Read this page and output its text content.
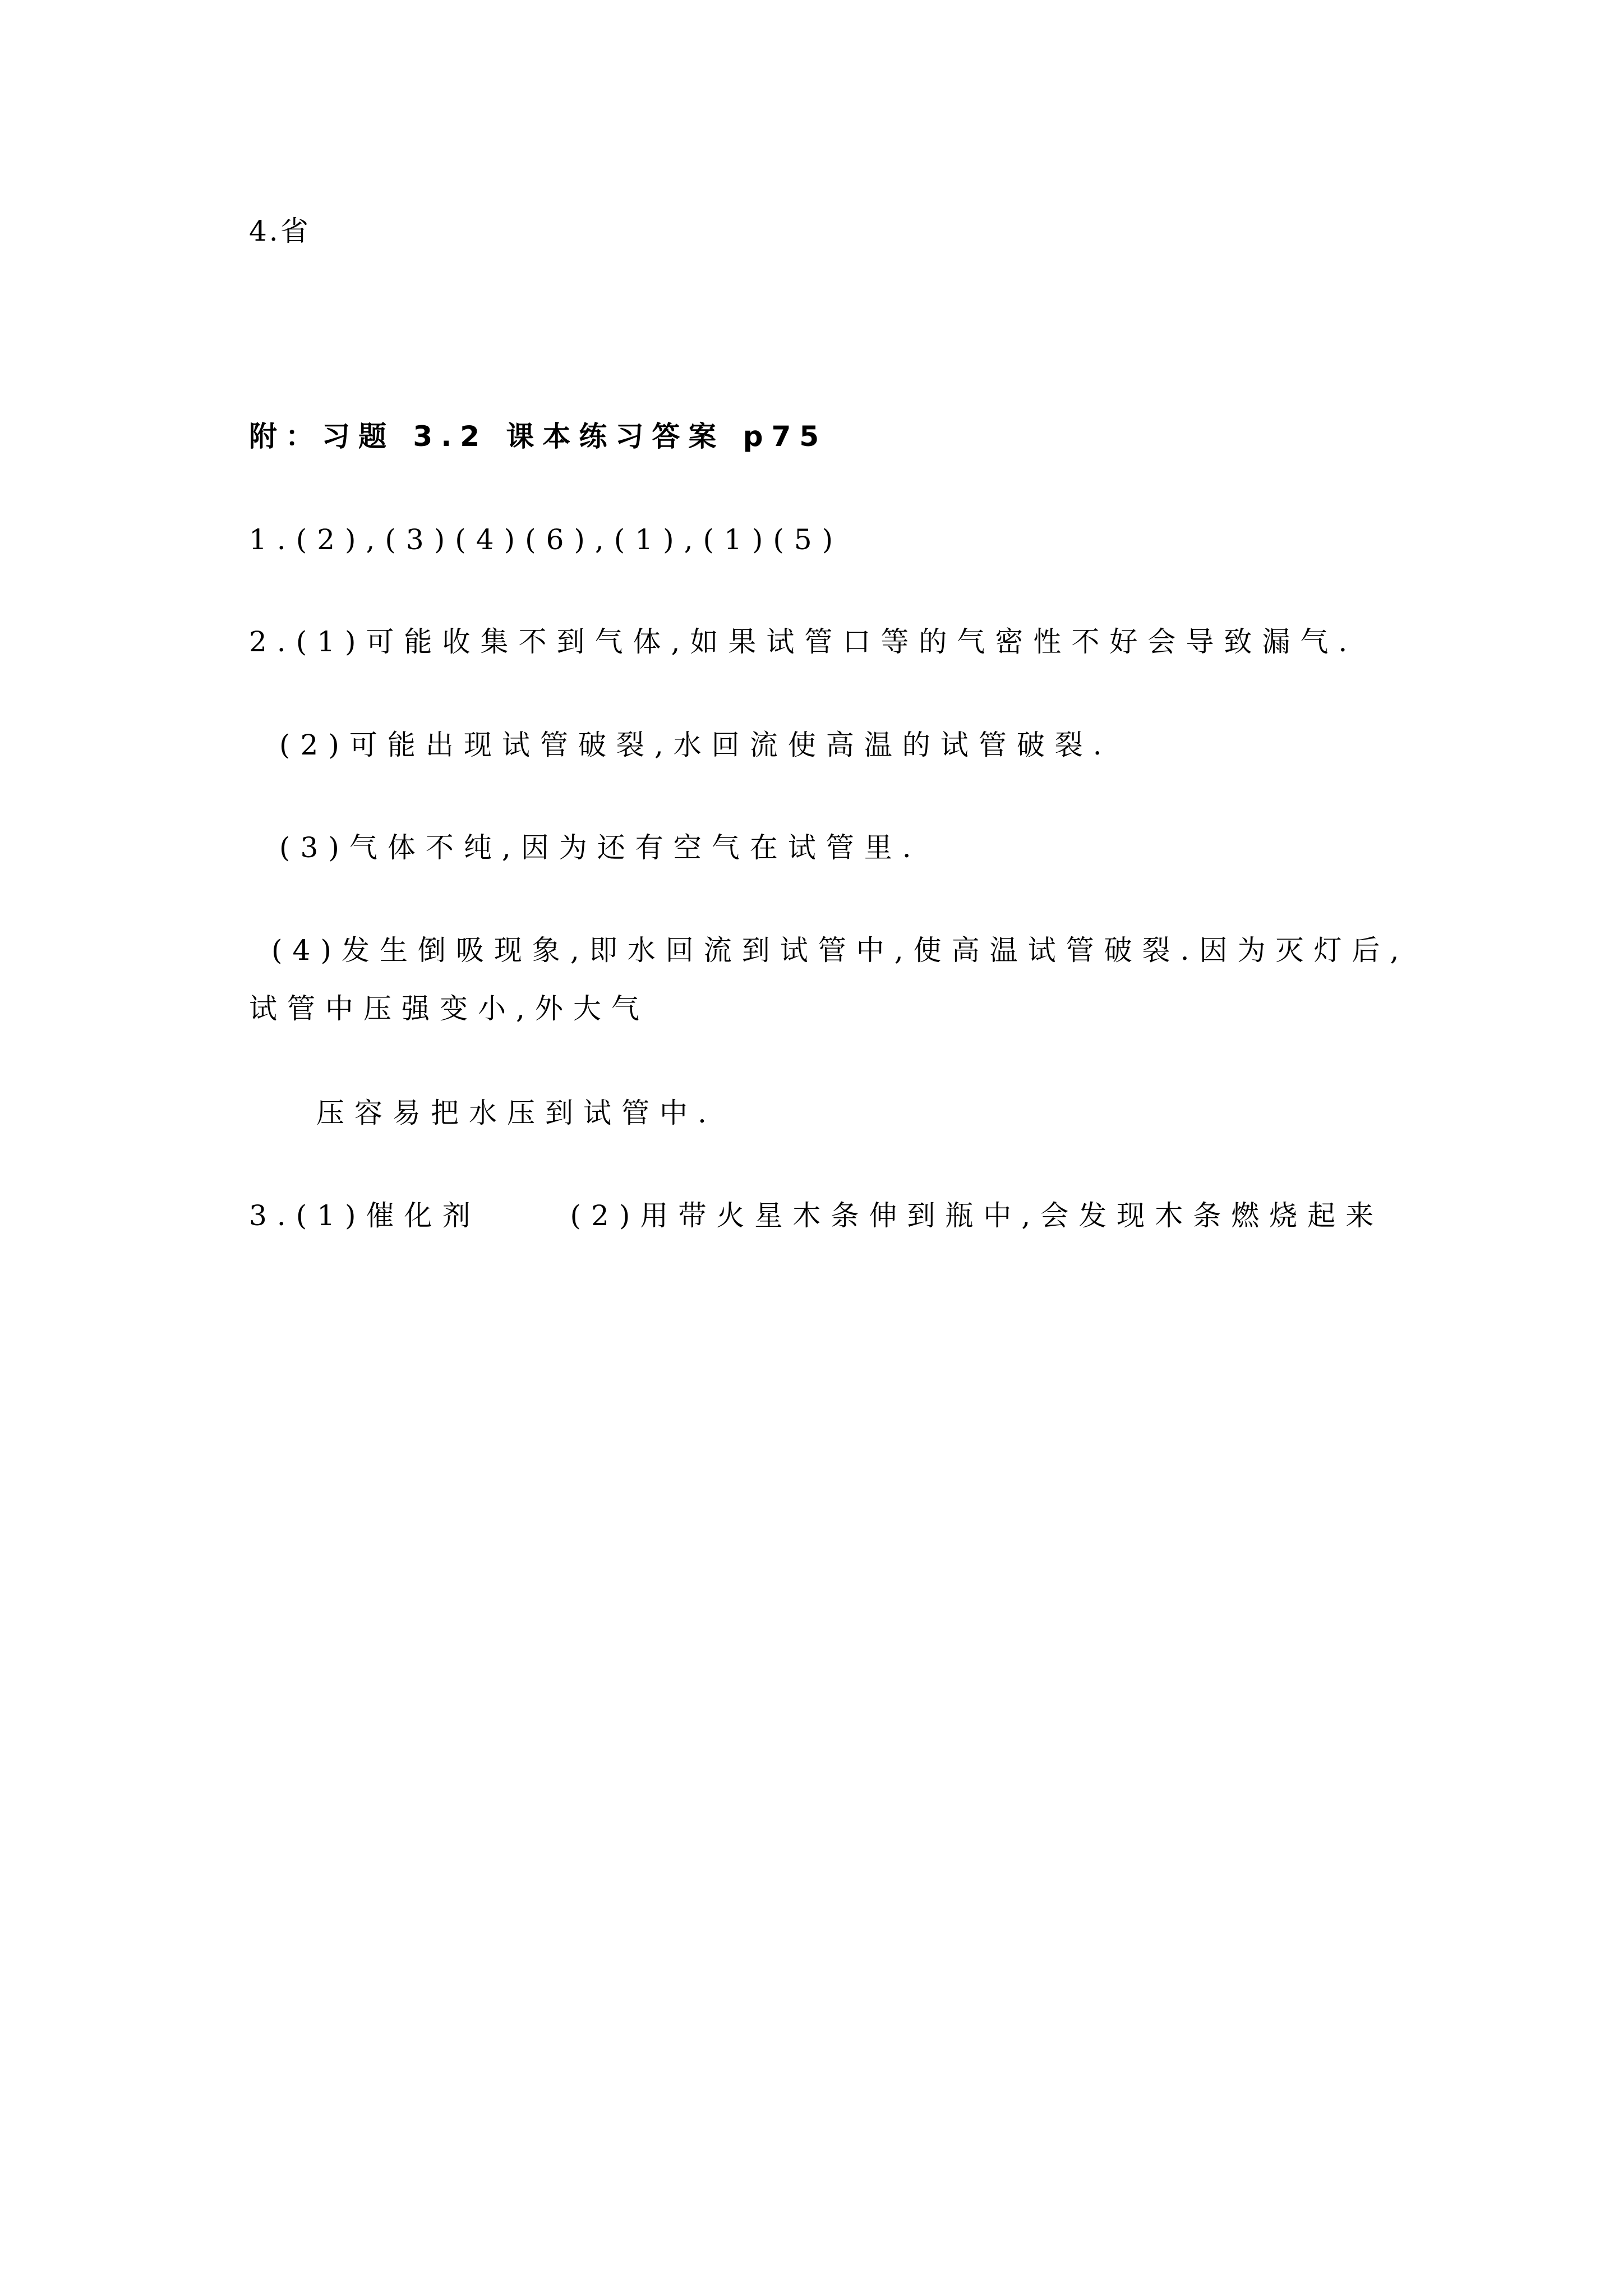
4.省
附：习题 3.2 课本练习答案 p75
1.(2),(3)(4)(6),(1),(1)(5)
2.(1)可能收集不到气体,如果试管口等的气密性不好会导致漏气.
(2)可能出现试管破裂,水回流使高温的试管破裂.
(3)气体不纯,因为还有空气在试管里.
(4)发生倒吸现象,即水回流到试管中,使高温试管破裂.因为灭灯后,
试管中压强变小,外大气
压容易把水压到试管中.
3.(1)催化剂	(2)用带火星木条伸到瓶中,会发现木条燃烧起来
